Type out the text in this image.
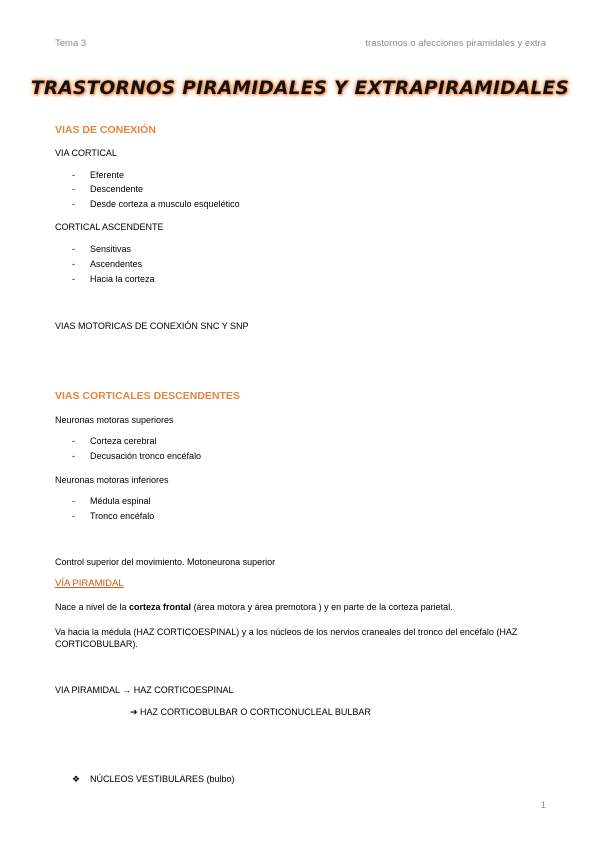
Tema 3	trastornos o afecciones piramidales y extra
TRASTORNOS PIRAMIDALES Y EXTRAPIRAMIDALES
VIAS DE CONEXIÓN
VIA CORTICAL
- Eferente
- Descendente
- Desde corteza a musculo esquelético
CORTICAL ASCENDENTE
- Sensitivas
- Ascendentes
- Hacia la corteza
VIAS MOTORICAS DE CONEXIÓN SNC Y SNP
VIAS CORTICALES DESCENDENTES
Neuronas motoras superiores
- Corteza cerebral
- Decusación tronco encéfalo
Neuronas motoras inferiores
- Médula espinal
- Tronco encéfalo
Control superior del movimiento. Motoneurona superior
VÍA PIRAMIDAL
Nace a nivel de la corteza frontal (área motora y área premotora ) y en parte de la corteza parietal.
Va hacia la médula (HAZ CORTICOESPINAL) y a los núcleos de los nervios craneales del tronco del encéfalo (HAZ CORTICOBULBAR).
VIA PIRAMIDAL → HAZ CORTICOESPINAL
➔ HAZ CORTICOBULBAR O CORTICONUCLEAL BULBAR
❖ NÚCLEOS VESTIBULARES (bulbo)
1
